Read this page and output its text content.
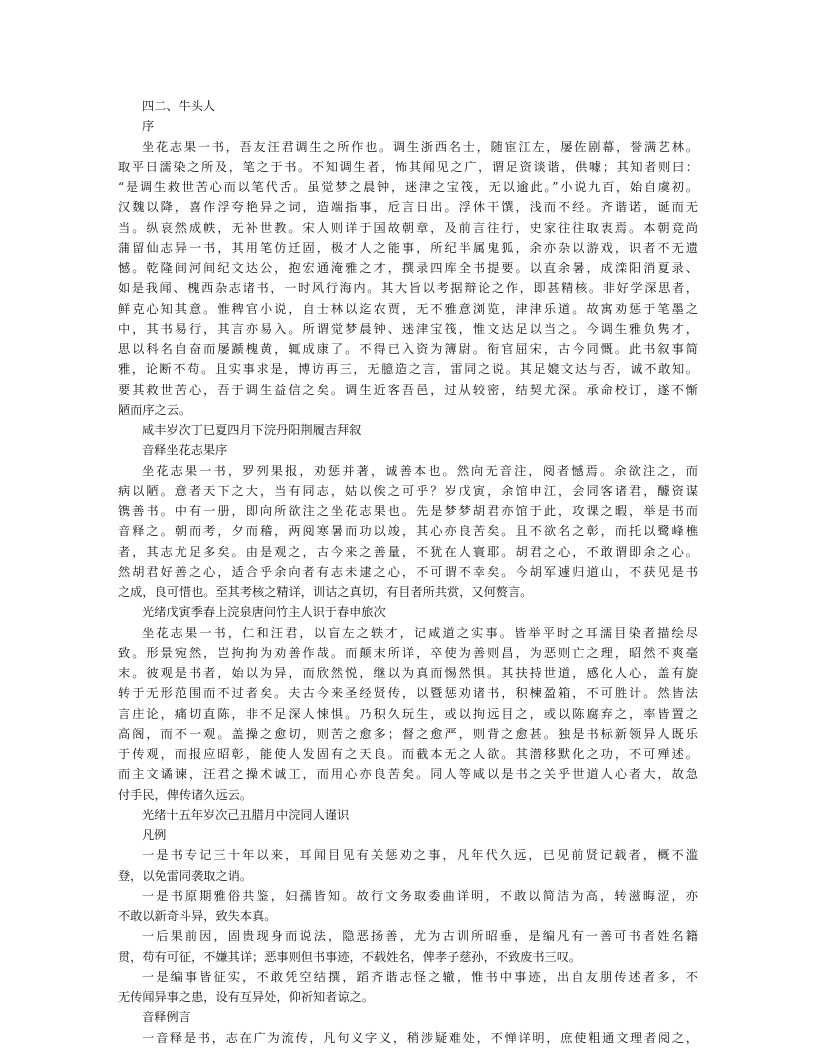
四二、牛头人
序
坐花志果一书，吾友汪君调生之所作也。调生浙西名士，随宦江左，屡佐剧幕，誉满艺林。
取平日濡染之所及，笔之于书。不知调生者，怖其闻见之广，谓足资谈谐，供噱；其知者则曰：
“是调生救世苦心而以笔代舌。虽觉梦之晨钟，迷津之宝筏，无以逾此。”小说九百，始自虞初。
汉魏以降，喜作浮夸艳异之词，造端指事，卮言日出。浮休干馔，浅而不经。齐谐诺，诞而无
当。纵哀然成帙，无补世教。宋人则详于国故朝章，及前言往行，史家往往取衷焉。本朝竞尚
蒲留仙志异一书，其用笔仿迁固，极才人之能事，所纪半属鬼狐，余亦杂以游戏，识者不无遗
憾。乾隆间河间纪文达公，抱宏通淹雅之才，撰录四库全书提要。以直余暑，成滦阳消夏录、
如是我闻、槐西杂志诸书，一时风行海内。其大旨以考据辩论之作，即甚精核。非好学深思者，
鲜克心知其意。惟稗官小说，自士林以迄农贾，无不雅意浏览，津津乐道。故寓劝惩于笔墨之
中，其书易行，其言亦易入。所谓觉梦晨钟、迷津宝筏，惟文达足以当之。今调生雅负隽才，
思以科名自奋而屡踬槐黄，辄成康了。不得已入资为簿尉。衔官屈宋，古今同慨。此书叙事简
雅，论断不苟。且实事求是，博访再三，无臆造之言，雷同之说。其足媲文达与否，诚不敢知。
要其救世苦心，吾于调生益信之矣。调生近客吾邑，过从较密，结契尤深。承命校订，遂不惭
陋而序之云。
咸丰岁次丁巳夏四月下浣丹阳荆履吉拜叙
音释坐花志果序
坐花志果一书，罗列果报，劝惩并著，诚善本也。然向无音注，阅者憾焉。余欲注之，而
病以陋。意者天下之大，当有同志，姑以俟之可乎？岁戊寅，余馆申江，会同客诸君，醵资谋
镌善书。中有一册，即向所欲注之坐花志果也。先是梦梦胡君亦馆于此，攻课之暇，举是书而
音释之。朝而考，夕而稽，两阅寒暑而功以竣，其心亦良苦矣。且不欲名之彰，而托以鹭峰樵
者，其志尤足多矣。由是观之，古今来之善量，不犹在人寰耶。胡君之心，不敢谓即余之心。
然胡君好善之心，适合乎余向者有志未逮之心，不可谓不幸矣。今胡军遽归道山，不获见是书
之成，良可惜也。至其考核之精详，训诂之真切，有目者所共赏，又何赘言。
光绪戊寅季春上浣泉唐问竹主人识于春申旅次
坐花志果一书，仁和汪君，以盲左之轶才，记咸道之实事。皆举平时之耳濡目染者描绘尽
致。形景宛然，岂拘拘为劝善作哉。而颠末所详，卒使为善则昌，为恶则亡之理，昭然不爽毫
末。彼观是书者，始以为异，而欣然悦，继以为真而惕然惧。其扶持世道，感化人心，盖有旋
转于无形范围而不过者矣。夫古今来圣经贤传，以暨惩劝诸书，积楝盈箱，不可胜计。然皆法
言庄论，痛切直陈，非不足深人悚惧。乃积久玩生，或以拘远目之，或以陈腐弃之，率皆置之
高阁，而不一观。盖操之愈切，则苦之愈多；督之愈严，则背之愈甚。独是书标新领异人既乐
于传观，而报应昭彰，能使人发固有之天良。而截本无之人欲。其潜移默化之功，不可殚述。
而主文谲谏，汪君之操术诚工，而用心亦良苦矣。同人等咸以是书之关乎世道人心者大，故急
付手民，俾传诸久远云。
光绪十五年岁次己丑腊月中浣同人谨识
凡例
一是书专记三十年以来，耳闻目见有关惩劝之事，凡年代久远，已见前贤记载者，概不滥
登，以免雷同袭取之诮。
一是书原期雅俗共鉴，妇孺皆知。故行文务取委曲详明，不敢以简洁为高，转滋晦涩，亦
不敢以新奇斗异，致失本真。
一后果前因，固贵现身而说法，隐恶扬善，尤为古训所昭垂，是编凡有一善可书者姓名籍
贯，苟有可征，不嫌其详；恶事则但书事迹，不载姓名，俾孝子慈孙，不致废书三叹。
一是编事皆征实，不敢凭空结撰，蹈齐谐志怪之辙，惟书中事迹，出自友朋传述者多，不
无传闻异事之患，设有互异处，仰祈知者谅之。
音释例言
一音释是书，志在广为流传，凡句义字义，稍涉疑难处，不惮详明，庶使粗通文理者阅之，
